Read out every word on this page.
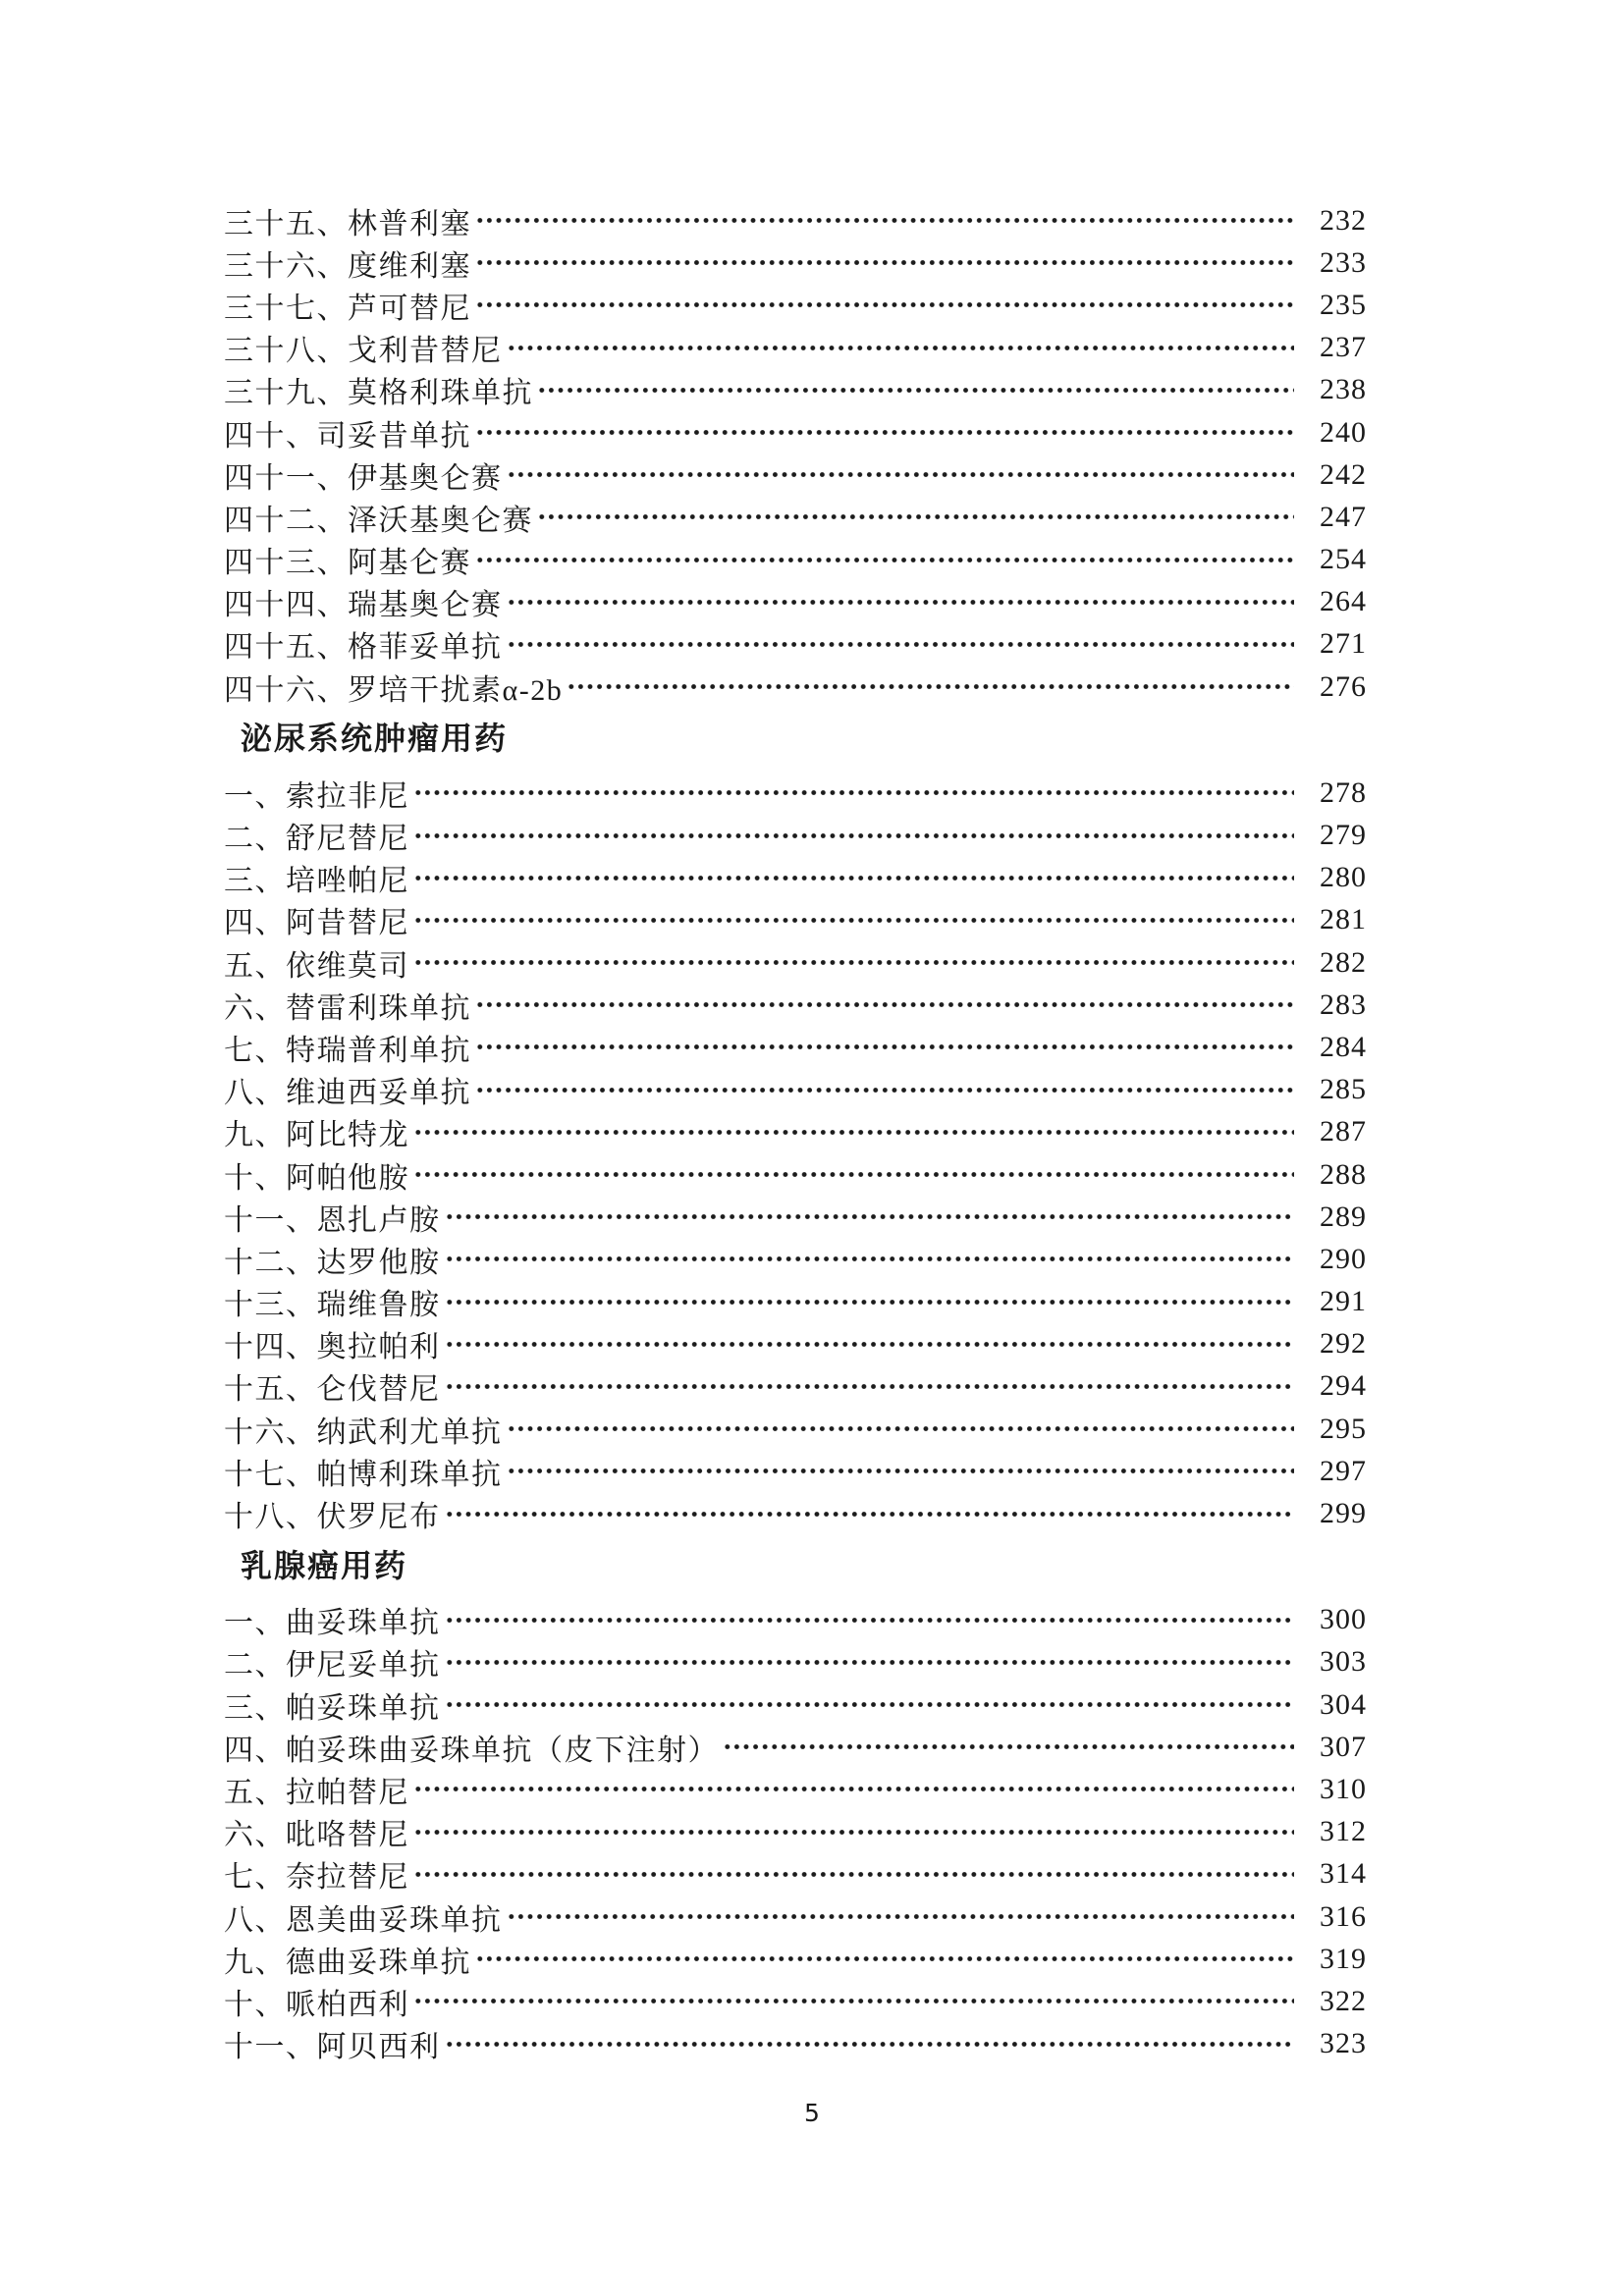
三十五、林普利塞	232
三十六、度维利塞	233
三十七、芦可替尼	235
三十八、戈利昔替尼	237
三十九、莫格利珠单抗	238
四十、司妥昔单抗	240
四十一、伊基奥仑赛	242
四十二、泽沃基奥仑赛	247
四十三、阿基仑赛	254
四十四、瑞基奥仑赛	264
四十五、格菲妥单抗	271
四十六、罗培干扰素α-2b	276
泌尿系统肿瘤用药
一、索拉非尼	278
二、舒尼替尼	279
三、培唑帕尼	280
四、阿昔替尼	281
五、依维莫司	282
六、替雷利珠单抗	283
七、特瑞普利单抗	284
八、维迪西妥单抗	285
九、阿比特龙	287
十、阿帕他胺	288
十一、恩扎卢胺	289
十二、达罗他胺	290
十三、瑞维鲁胺	291
十四、奥拉帕利	292
十五、仑伐替尼	294
十六、纳武利尤单抗	295
十七、帕博利珠单抗	297
十八、伏罗尼布	299
乳腺癌用药
一、曲妥珠单抗	300
二、伊尼妥单抗	303
三、帕妥珠单抗	304
四、帕妥珠曲妥珠单抗（皮下注射）	307
五、拉帕替尼	310
六、吡咯替尼	312
七、奈拉替尼	314
八、恩美曲妥珠单抗	316
九、德曲妥珠单抗	319
十、哌柏西利	322
十一、阿贝西利	323
5
